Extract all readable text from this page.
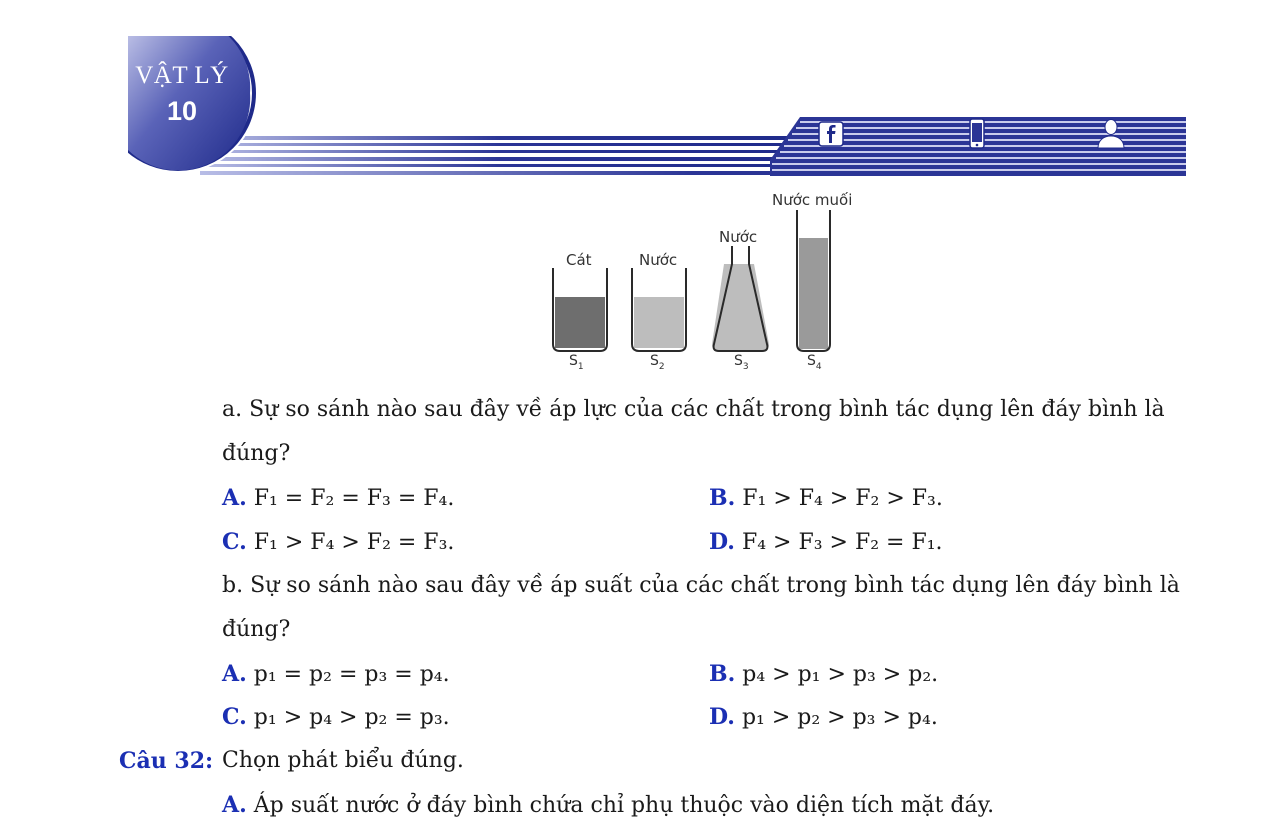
VẬT LÝ
10
Cát	Nước
Nước
Nước muối
$S_1$	$S_2$	$S_3$	$S_4$
a. Sự so sánh nào sau đây về áp lực của các chất trong bình tác dụng lên đáy bình là
đúng?
A. F₁ = F₂ = F₃ = F₄.	B. F₁ > F₄ > F₂ > F₃.
C. F₁ > F₄ > F₂ = F₃.	D. F₄ > F₃ > F₂ = F₁.
b. Sự so sánh nào sau đây về áp suất của các chất trong bình tác dụng lên đáy bình là
đúng?
A. p₁ = p₂ = p₃ = p₄.	B. p₄ > p₁ > p₃ > p₂.
C. p₁ > p₄ > p₂ = p₃.	D. p₁ > p₂ > p₃ > p₄.
Câu 32: Chọn phát biểu đúng.
A. Áp suất nước ở đáy bình chứa chỉ phụ thuộc vào diện tích mặt đáy.
